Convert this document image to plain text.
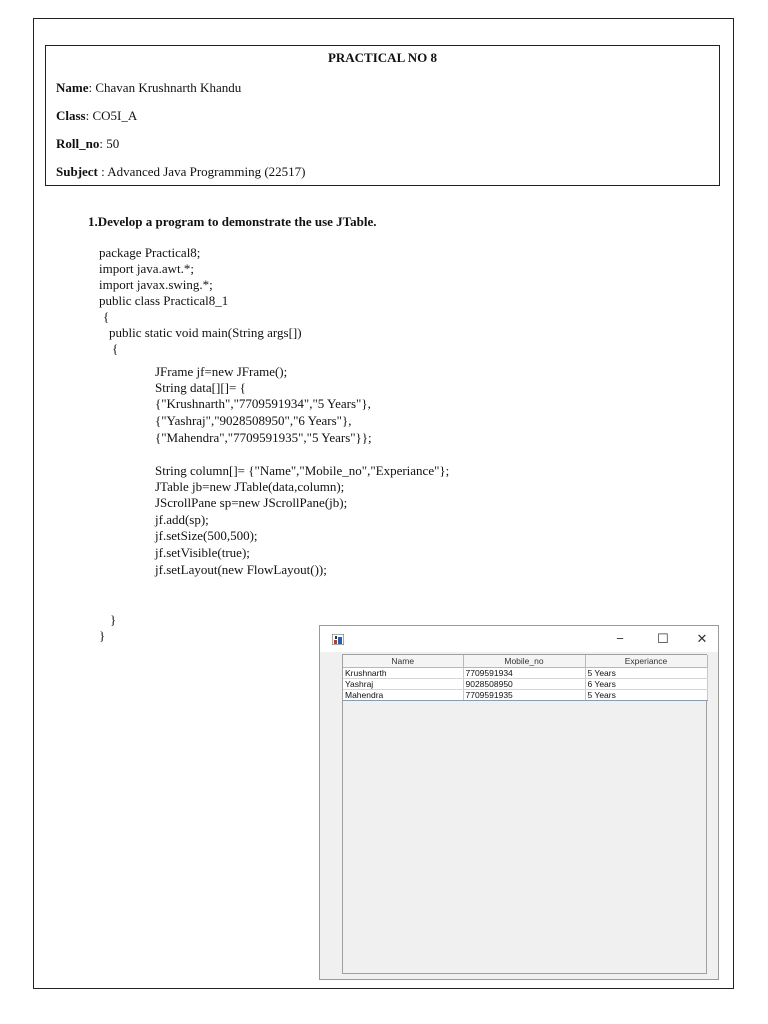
PRACTICAL NO 8
Name: Chavan Krushnarth Khandu
Class: CO5I_A
Roll_no: 50
Subject : Advanced Java Programming (22517)
1.Develop a program to demonstrate the use JTable.
package Practical8;
import java.awt.*;
import javax.swing.*;
public class Practical8_1
{
public static void main(String args[])
{
JFrame jf=new JFrame();
String data[][]= {
{"Krushnarth","7709591934","5 Years"},
{"Yashraj","9028508950","6 Years"},
{"Mahendra","7709591935","5 Years"}};
String column[]= {"Name","Mobile_no","Experiance"};
JTable jb=new JTable(data,column);
JScrollPane sp=new JScrollPane(jb);
jf.add(sp);
jf.setSize(500,500);
jf.setVisible(true);
jf.setLayout(new FlowLayout());
}
}	−	☐	✕
Name	Mobile_no	Experiance
Krushnarth	7709591934	5 Years
Yashraj	9028508950	6 Years
Mahendra	7709591935	5 Years
